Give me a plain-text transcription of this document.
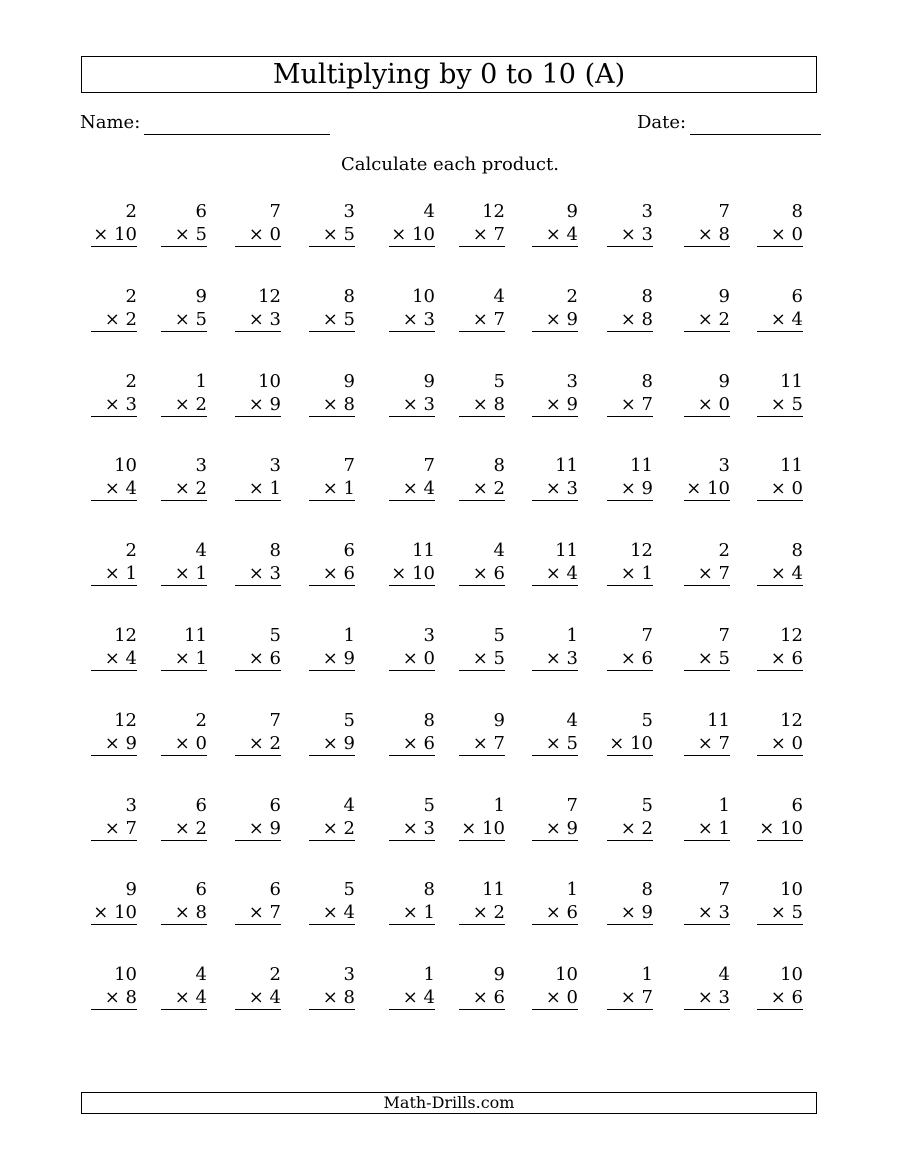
Multiplying by 0 to 10 (A)
Name:	Date:
Calculate each product.
2
× 10
6
× 5
7
× 0
3
× 5
4
× 10
12
× 7
9
× 4
3
× 3
7
× 8
8
× 0
2
× 2
9
× 5
12
× 3
8
× 5
10
× 3
4
× 7
2
× 9
8
× 8
9
× 2
6
× 4
2
× 3
1
× 2
10
× 9
9
× 8
9
× 3
5
× 8
3
× 9
8
× 7
9
× 0
11
× 5
10
× 4
3
× 2
3
× 1
7
× 1
7
× 4
8
× 2
11
× 3
11
× 9
3
× 10
11
× 0
2
× 1
4
× 1
8
× 3
6
× 6
11
× 10
4
× 6
11
× 4
12
× 1
2
× 7
8
× 4
12
× 4
11
× 1
5
× 6
1
× 9
3
× 0
5
× 5
1
× 3
7
× 6
7
× 5
12
× 6
12
× 9
2
× 0
7
× 2
5
× 9
8
× 6
9
× 7
4
× 5
5
× 10
11
× 7
12
× 0
3
× 7
6
× 2
6
× 9
4
× 2
5
× 3
1
× 10
7
× 9
5
× 2
1
× 1
6
× 10
9
× 10
6
× 8
6
× 7
5
× 4
8
× 1
11
× 2
1
× 6
8
× 9
7
× 3
10
× 5
10
× 8
4
× 4
2
× 4
3
× 8
1
× 4
9
× 6
10
× 0
1
× 7
4
× 3
10
× 6
Math-Drills.com
